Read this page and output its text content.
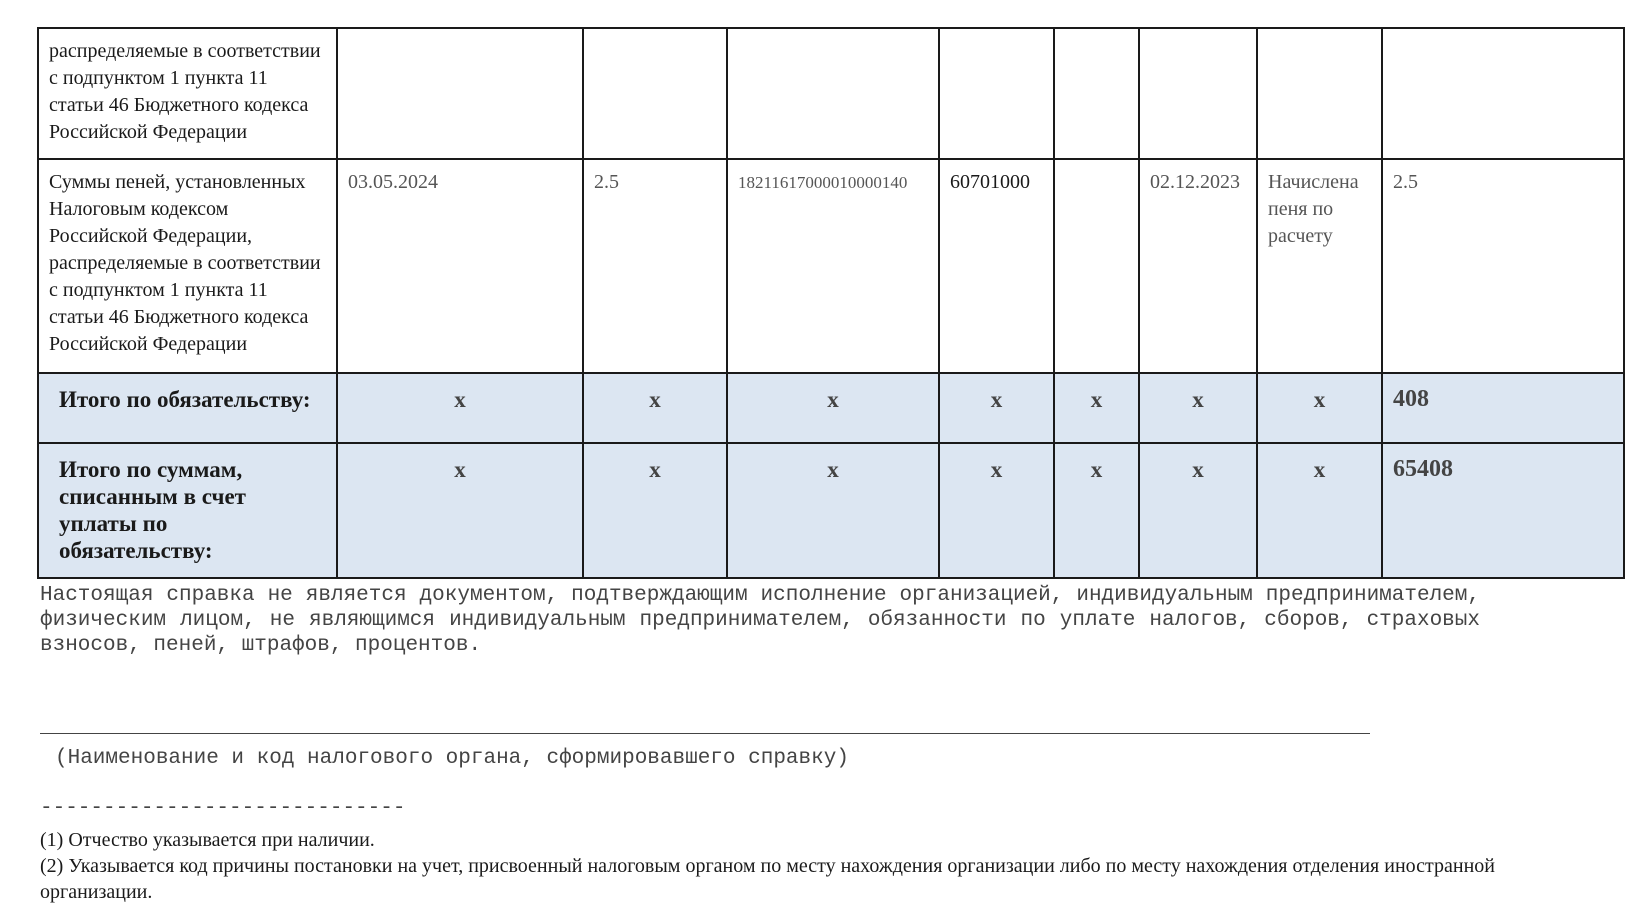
распределяемые в соответствии с подпунктом 1 пункта 11 статьи 46 Бюджетного кодекса Российской Федерации								
Суммы пеней, установленных Налоговым кодексом Российской Федерации, распределяемые в соответствии с подпунктом 1 пункта 11 статьи 46 Бюджетного кодекса Российской Федерации	03.05.2024	2.5	18211617000010000140	60701000		02.12.2023	Начислена пеня по расчету	2.5
Итого по обязательству:	x	x	x	x	x	x	x	408
Итого по суммам, списанным в счет уплаты по обязательству:	x	x	x	x	x	x	x	65408
Настоящая справка не является документом, подтверждающим исполнение организацией, индивидуальным предпринимателем, физическим лицом, не являющимся индивидуальным предпринимателем, обязанности по уплате налогов, сборов, страховых взносов, пеней, штрафов, процентов.
(Наименование и код налогового органа, сформировавшего справку)
-----------------------------

(1) Отчество указывается при наличии.

(2) Указывается код причины постановки на учет, присвоенный налоговым органом по месту нахождения организации либо по месту нахождения отделения иностранной организации.
